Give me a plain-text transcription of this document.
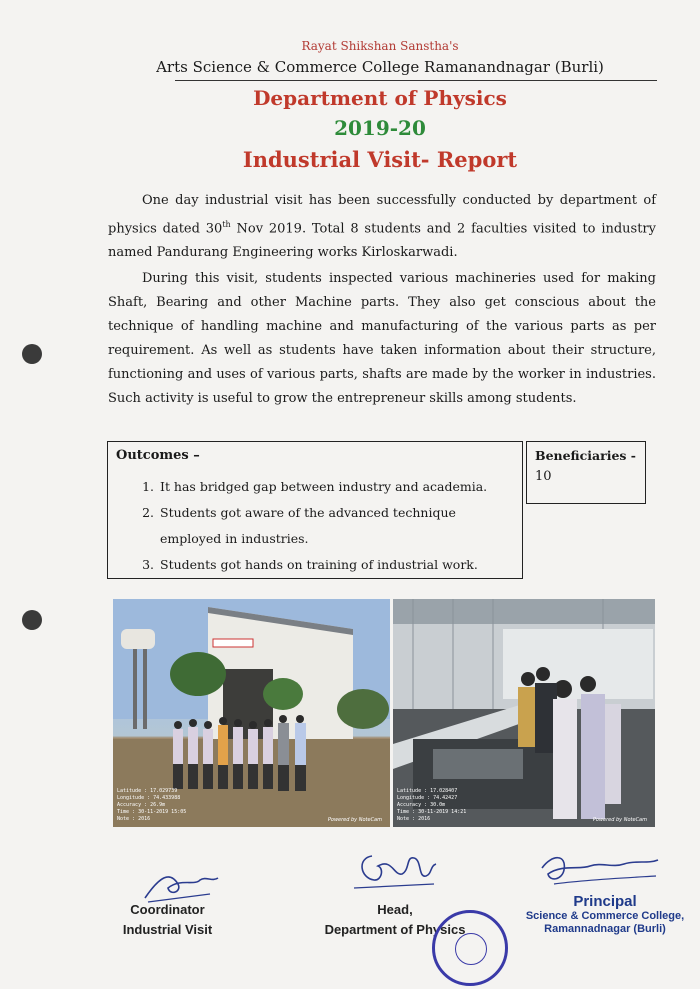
Rayat Shikshan Sanstha's
Arts Science & Commerce College Ramanandnagar (Burli)
Department of Physics
2019-20
Industrial Visit- Report

One day industrial visit has been successfully conducted by department of physics dated 30th Nov 2019. Total 8 students and 2 faculties visited to industry named Pandurang Engineering works Kirloskarwadi.

During this visit, students inspected various machineries used for making Shaft, Bearing and other Machine parts. They also get conscious about the technique of handling machine and manufacturing of the various parts as per requirement. As well as students have taken information about their structure, functioning and uses of various parts, shafts are made by the worker in industries. Such activity is useful to grow the entrepreneur skills among students.

Outcomes –
1. It has bridged gap between industry and academia.
2. Students got aware of the advanced technique employed in industries.
3. Students got hands on training of industrial work.
Beneficiaries -
10
Latitude : 17.029739
Longitude : 74.433988
Accuracy : 26.9m
Time : 30-11-2019 15:05
Note : 2016	Powered by NoteCam
Latitude : 17.028407
Longitude : 74.42427
Accuracy : 30.0m
Time : 30-11-2019 14:21
Note : 2016	Powered by NoteCam
Coordinator
Industrial Visit
Head,
Department of Physics
Principal
Science & Commerce College,
Ramannadnagar (Burli)
